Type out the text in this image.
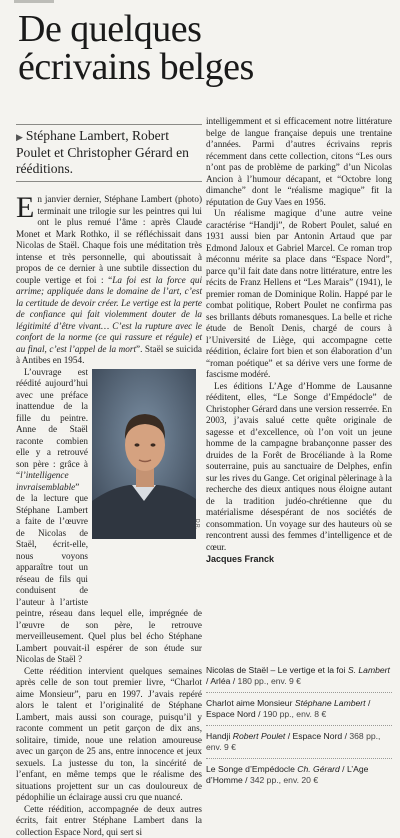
De quelques
écrivains belges
▶ Stéphane Lambert, Robert Poulet et Christopher Gérard en rééditions.

En janvier dernier, Stéphane Lambert (photo) terminait une trilogie sur les peintres qui lui ont le plus remué l’âme : après Claude Monet et Mark Rothko, il se réfléchissait dans Nicolas de Staël. Chaque fois une méditation très intense et très personnelle, qui aboutissait à propos de ce dernier à une subtile dissection du couple vertige et foi : “La foi est la force qui arrime; appliquée dans le domaine de l’art, c’est la certitude de devoir créer. Le vertige est la perte de confiance qui fait violemment douter de la légitimité d’être vivant… C’est la rupture avec le confort de la norme (ce qui rassure et régule) et au final, c’est l’appel de la mort”. Staël se suicida à Antibes en 1954.

D.R.

L’ouvrage est réédité aujourd’hui avec une préface inattendue de la fille du peintre. Anne de Staël raconte combien elle y a retrouvé son père : grâce à “l’intelligence invraisemblable” de la lecture que Stéphane Lambert a faite de l’œuvre de Nicolas de Staël, écrit-elle, nous voyons apparaître tout un réseau de fils qui conduisent de l’auteur à l’artiste peintre, réseau dans lequel elle, imprégnée de l’œuvre de son père, le retrouve merveilleusement. Quel plus bel écho Stéphane Lambert pouvait-il espérer de son étude sur Nicolas de Staël ?

Cette réédition intervient quelques semaines après celle de son tout premier livre, “Charlot aime Monsieur”, paru en 1997. J’avais repéré alors le talent et l’originalité de Stéphane Lambert, mais aussi son courage, puisqu’il y raconte comment un petit garçon de dix ans, solitaire, timide, noue une relation amoureuse avec un garçon de 25 ans, entre innocence et jeux sexuels. La justesse du ton, la sincérité de l’enfant, en même temps que le réalisme des situations projettent sur un cas douloureux de pédophilie un éclairage aussi cru que nuancé.

Cette réédition, accompagnée de deux autres écrits, fait entrer Stéphane Lambert dans la collection Espace Nord, qui sert si

intelligemment et si efficacement notre littérature belge de langue française depuis une trentaine d’années. Parmi d’autres écrivains repris récemment dans cette collection, citons “Les ours n’ont pas de problème de parking” d’un Nicolas Ancion à l’humour décapant, et “Octobre long dimanche” dont le “réalisme magique” fit la réputation de Guy Vaes en 1956.

Un réalisme magique d’une autre veine caractérise “Handji”, de Robert Poulet, salué en 1931 aussi bien par Antonin Artaud que par Edmond Jaloux et Gabriel Marcel. Ce roman trop méconnu mérite sa place dans “Espace Nord”, parce qu’il fait date dans notre littérature, entre les récits de Franz Hellens et “Les Marais” (1941), le premier roman de Dominique Rolin. Happé par le combat politique, Robert Poulet ne confirma pas ses brillants débuts romanesques. La belle et riche étude de Benoît Denis, chargé de cours à l’Université de Liège, qui accompagne cette réédition, éclaire fort bien et son élaboration d’un “roman poétique” et sa dérive vers une forme de fascisme modéré.

Les éditions L’Age d’Homme de Lausanne rééditent, elles, “Le Songe d’Empédocle” de Christopher Gérard dans une version resserrée. En 2003, j’avais salué cette quête originale de sagesse et d’excellence, où l’on voit un jeune homme de la campagne brabançonne passer des druides de la Forêt de Brocéliande à la Rome souterraine, puis au sanctuaire de Delphes, enfin sur les rives du Gange. Cet original pèlerinage à la recherche des dieux antiques nous éloigne autant de la tradition judéo-chrétienne que du matérialisme désespérant de nos sociétés de consommation. Un voyage sur des hauteurs où se rencontrent aussi des femmes d’intelligence et de cœur.

Jacques Franck
Nicolas de Staël – Le vertige et la foi S. Lambert / Arléa / 180 pp., env. 9 €
Charlot aime Monsieur Stéphane Lambert / Espace Nord / 190 pp., env. 8 €
Handji Robert Poulet / Espace Nord / 368 pp., env. 9 €
Le Songe d’Empédocle Ch. Gérard / L’Age d’Homme / 342 pp., env. 20 €
